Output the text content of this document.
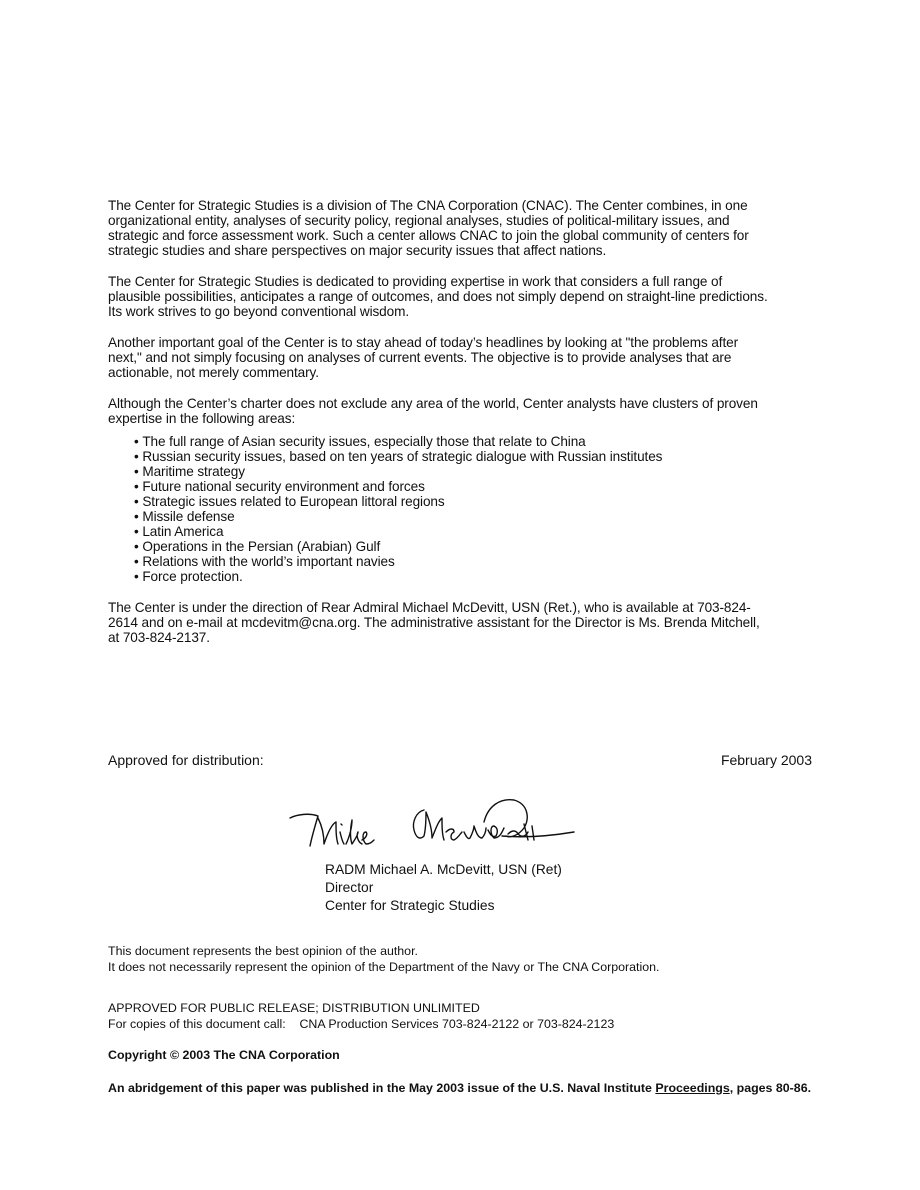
The Center for Strategic Studies is a division of The CNA Corporation (CNAC). The Center combines, in one organizational entity, analyses of security policy, regional analyses, studies of political-military issues, and strategic and force assessment work. Such a center allows CNAC to join the global community of centers for strategic studies and share perspectives on major security issues that affect nations.

The Center for Strategic Studies is dedicated to providing expertise in work that considers a full range of plausible possibilities, anticipates a range of outcomes, and does not simply depend on straight-line predictions. Its work strives to go beyond conventional wisdom.

Another important goal of the Center is to stay ahead of today’s headlines by looking at "the problems after next," and not simply focusing on analyses of current events. The objective is to provide analyses that are actionable, not merely commentary.

Although the Center’s charter does not exclude any area of the world, Center analysts have clusters of proven expertise in the following areas:

• The full range of Asian security issues, especially those that relate to China
• Russian security issues, based on ten years of strategic dialogue with Russian institutes
• Maritime strategy
• Future national security environment and forces
• Strategic issues related to European littoral regions
• Missile defense
• Latin America
• Operations in the Persian (Arabian) Gulf
• Relations with the world’s important navies
• Force protection.

The Center is under the direction of Rear Admiral Michael McDevitt, USN (Ret.), who is available at 703-824-2614 and on e-mail at mcdevitm@cna.org. The administrative assistant for the Director is Ms. Brenda Mitchell, at 703-824-2137.

Approved for distribution:	February 2003
RADM Michael A. McDevitt, USN (Ret)
Director
Center for Strategic Studies
This document represents the best opinion of the author.
It does not necessarily represent the opinion of the Department of the Navy or The CNA Corporation.
APPROVED FOR PUBLIC RELEASE; DISTRIBUTION UNLIMITED
For copies of this document call:    CNA Production Services 703-824-2122 or 703-824-2123
Copyright © 2003 The CNA Corporation
An abridgement of this paper was published in the May 2003 issue of the U.S. Naval Institute Proceedings, pages 80-86.
